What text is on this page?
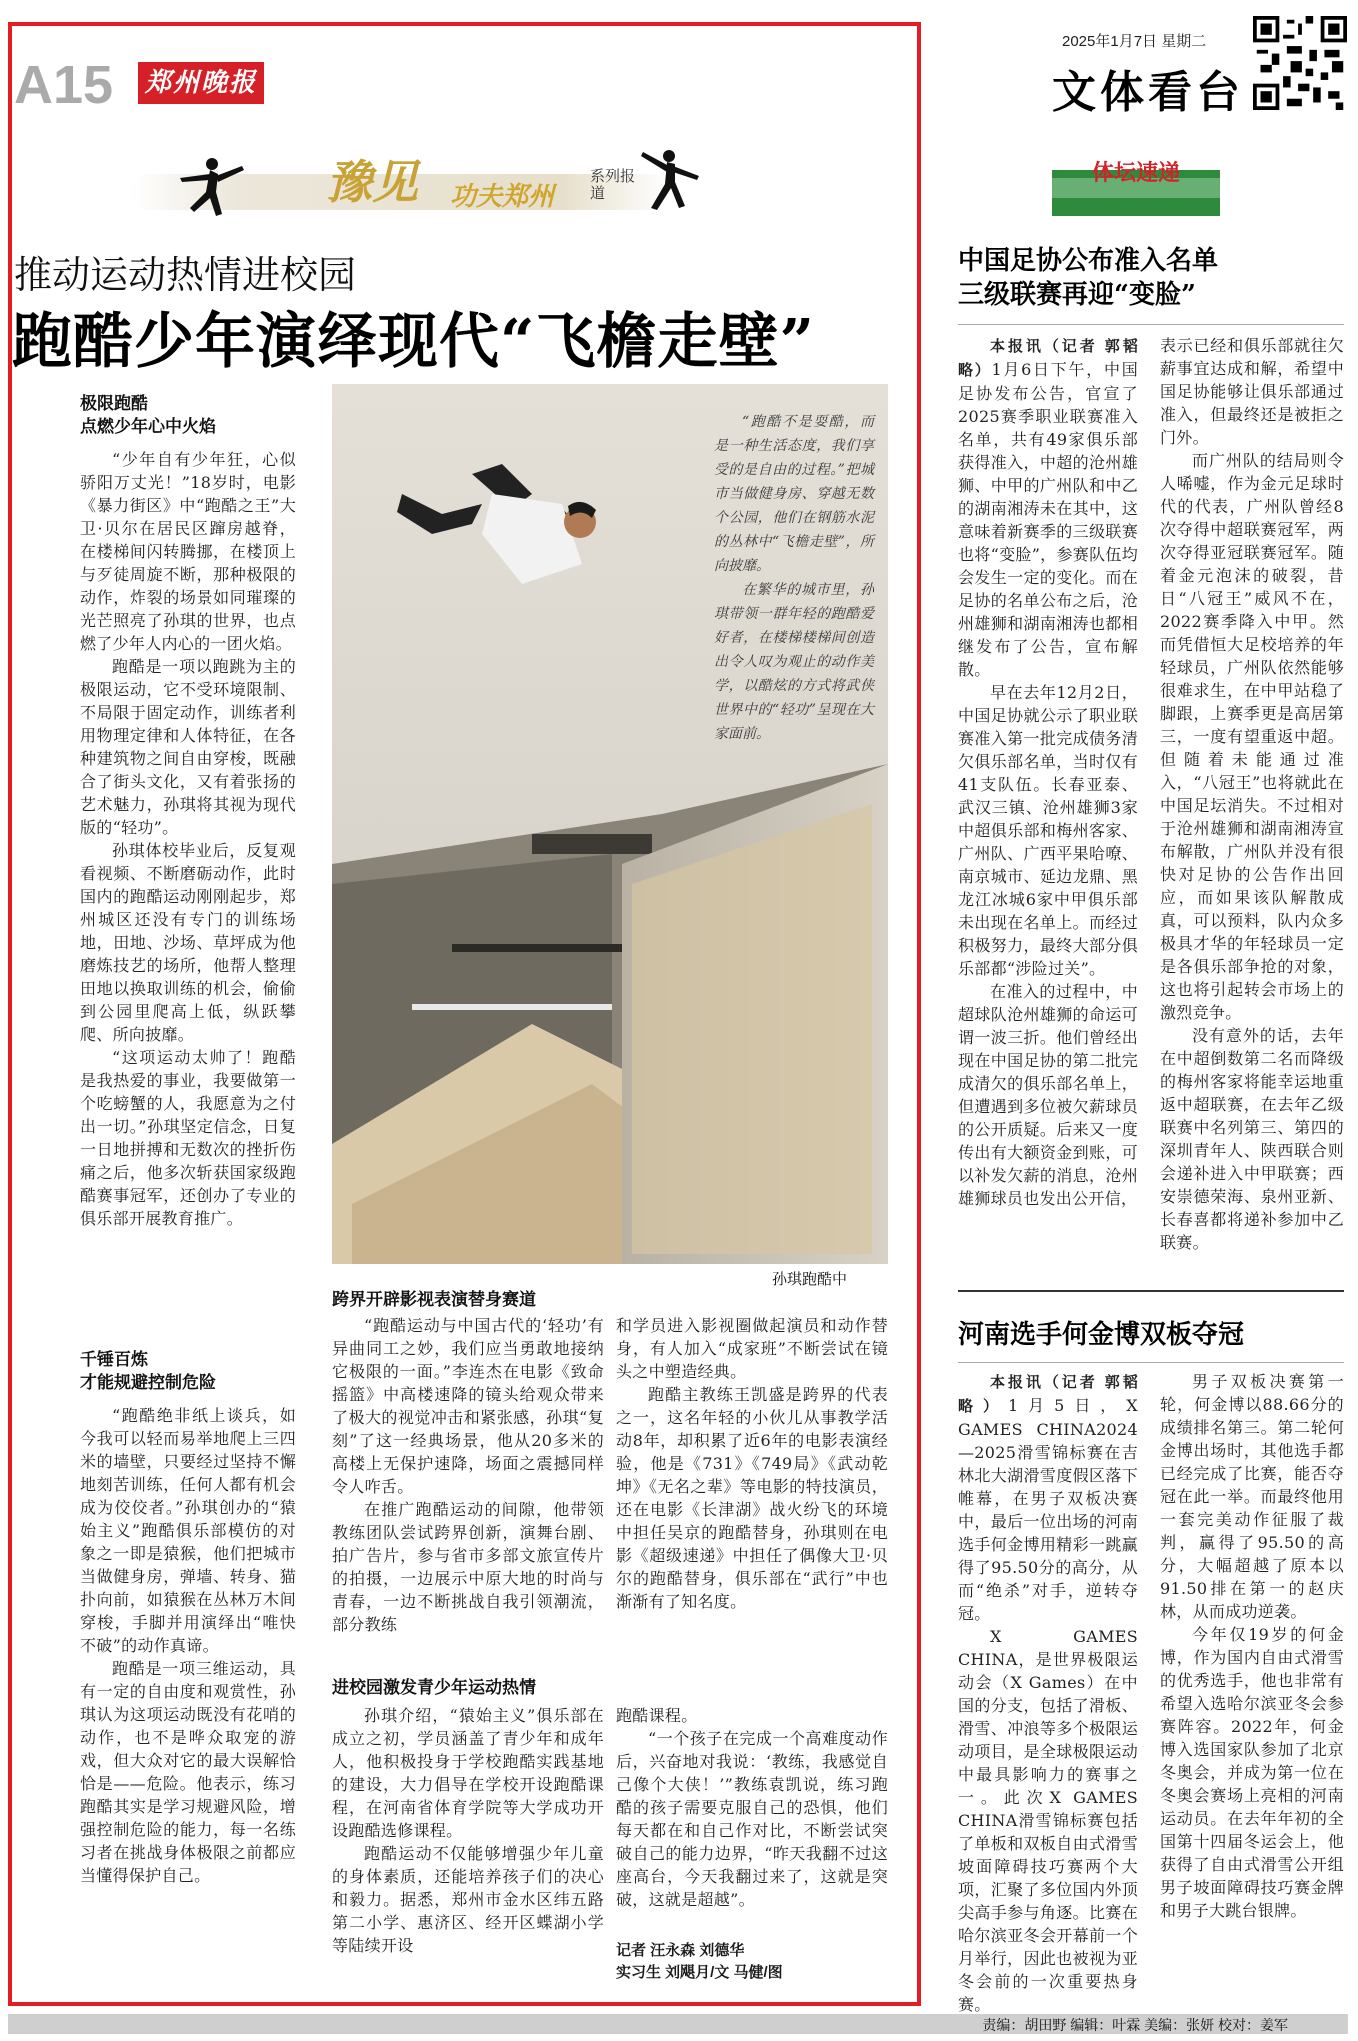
A15 郑州晚报
2025年1月7日 星期二
文体看台
豫见 功夫郑州
系列报道
推动运动热情进校园
跑酷少年演绎现代“飞檐走壁”
极限跑酷
点燃少年心中火焰

“少年自有少年狂，心似骄阳万丈光！”18岁时，电影《暴力街区》中“跑酷之王”大卫·贝尔在居民区蹿房越脊，在楼梯间闪转腾挪，在楼顶上与歹徒周旋不断，那种极限的动作，炸裂的场景如同璀璨的光芒照亮了孙琪的世界，也点燃了少年人内心的一团火焰。

跑酷是一项以跑跳为主的极限运动，它不受环境限制、不局限于固定动作，训练者利用物理定律和人体特征，在各种建筑物之间自由穿梭，既融合了街头文化，又有着张扬的艺术魅力，孙琪将其视为现代版的“轻功”。

孙琪体校毕业后，反复观看视频、不断磨砺动作，此时国内的跑酷运动刚刚起步，郑州城区还没有专门的训练场地，田地、沙场、草坪成为他磨炼技艺的场所，他帮人整理田地以换取训练的机会，偷偷到公园里爬高上低，纵跃攀爬、所向披靡。

“这项运动太帅了！跑酷是我热爱的事业，我要做第一个吃螃蟹的人，我愿意为之付出一切。”孙琪坚定信念，日复一日地拼搏和无数次的挫折伤痛之后，他多次斩获国家级跑酷赛事冠军，还创办了专业的俱乐部开展教育推广。

千锤百炼
才能规避控制危险

“跑酷绝非纸上谈兵，如今我可以轻而易举地爬上三四米的墙壁，只要经过坚持不懈地刻苦训练，任何人都有机会成为佼佼者。”孙琪创办的“猿始主义”跑酷俱乐部模仿的对象之一即是猿猴，他们把城市当做健身房，弹墙、转身、猫扑向前，如猿猴在丛林万木间穿梭，手脚并用演绎出“唯快不破”的动作真谛。

跑酷是一项三维运动，具有一定的自由度和观赏性，孙琪认为这项运动既没有花哨的动作，也不是哗众取宠的游戏，但大众对它的最大误解恰恰是——危险。他表示，练习跑酷其实是学习规避风险，增强控制危险的能力，每一名练习者在挑战身体极限之前都应当懂得保护自己。

“跑酷不是耍酷，而是一种生活态度，我们享受的是自由的过程。”把城市当做健身房、穿越无数个公园，他们在钢筋水泥的丛林中“飞檐走壁”，所向披靡。

在繁华的城市里，孙琪带领一群年轻的跑酷爱好者，在楼梯楼梯间创造出令人叹为观止的动作美学，以酷炫的方式将武侠世界中的“轻功”呈现在大家面前。

孙琪跑酷中
跨界开辟影视表演替身赛道

“跑酷运动与中国古代的‘轻功’有异曲同工之妙，我们应当勇敢地接纳它极限的一面。”李连杰在电影《致命摇篮》中高楼速降的镜头给观众带来了极大的视觉冲击和紧张感，孙琪“复刻”了这一经典场景，他从20多米的高楼上无保护速降，场面之震撼同样令人咋舌。

在推广跑酷运动的间隙，他带领教练团队尝试跨界创新，演舞台剧、拍广告片，参与省市多部文旅宣传片的拍摄，一边展示中原大地的时尚与青春，一边不断挑战自我引领潮流，部分教练

进校园激发青少年运动热情

孙琪介绍，“猿始主义”俱乐部在成立之初，学员涵盖了青少年和成年人，他积极投身于学校跑酷实践基地的建设，大力倡导在学校开设跑酷课程，在河南省体育学院等大学成功开设跑酷选修课程。

跑酷运动不仅能够增强少年儿童的身体素质，还能培养孩子们的决心和毅力。据悉，郑州市金水区纬五路第二小学、惠济区、经开区蝶湖小学等陆续开设

和学员进入影视圈做起演员和动作替身，有人加入“成家班”不断尝试在镜头之中塑造经典。

跑酷主教练王凯盛是跨界的代表之一，这名年轻的小伙儿从事教学活动8年，却积累了近6年的电影表演经验，他是《731》《749局》《武动乾坤》《无名之辈》等电影的特技演员，还在电影《长津湖》战火纷飞的环境中担任吴京的跑酷替身，孙琪则在电影《超级速递》中担任了偶像大卫·贝尔的跑酷替身，俱乐部在“武行”中也渐渐有了知名度。

跑酷课程。

“一个孩子在完成一个高难度动作后，兴奋地对我说：‘教练，我感觉自己像个大侠！’”教练袁凯说，练习跑酷的孩子需要克服自己的恐惧，他们每天都在和自己作对比，不断尝试突破自己的能力边界，“昨天我翻不过这座高台，今天我翻过来了，这就是突破，这就是超越”。

记者 汪永森 刘德华
实习生 刘飓月/文 马健/图
体坛速递
中国足协公布准入名单
三级联赛再迎“变脸”

本报讯（记者 郭韬略）1月6日下午，中国足协发布公告，官宣了2025赛季职业联赛准入名单，共有49家俱乐部获得准入，中超的沧州雄狮、中甲的广州队和中乙的湖南湘涛未在其中，这意味着新赛季的三级联赛也将“变脸”，参赛队伍均会发生一定的变化。而在足协的名单公布之后，沧州雄狮和湖南湘涛也都相继发布了公告，宣布解散。

早在去年12月2日，中国足协就公示了职业联赛准入第一批完成债务清欠俱乐部名单，当时仅有41支队伍。长春亚泰、武汉三镇、沧州雄狮3家中超俱乐部和梅州客家、广州队、广西平果哈嘹、南京城市、延边龙鼎、黑龙江冰城6家中甲俱乐部未出现在名单上。而经过积极努力，最终大部分俱乐部都“涉险过关”。

在准入的过程中，中超球队沧州雄狮的命运可谓一波三折。他们曾经出现在中国足协的第二批完成清欠的俱乐部名单上，但遭遇到多位被欠薪球员的公开质疑。后来又一度传出有大额资金到账，可以补发欠薪的消息，沧州雄狮球员也发出公开信，

表示已经和俱乐部就往欠薪事宜达成和解，希望中国足协能够让俱乐部通过准入，但最终还是被拒之门外。

而广州队的结局则令人唏嘘，作为金元足球时代的代表，广州队曾经8次夺得中超联赛冠军，两次夺得亚冠联赛冠军。随着金元泡沫的破裂，昔日“八冠王”威风不在，2022赛季降入中甲。然而凭借恒大足校培养的年轻球员，广州队依然能够很难求生，在中甲站稳了脚跟，上赛季更是高居第三，一度有望重返中超。但随着未能通过准入，“八冠王”也将就此在中国足坛消失。不过相对于沧州雄狮和湖南湘涛宣布解散，广州队并没有很快对足协的公告作出回应，而如果该队解散成真，可以预料，队内众多极具才华的年轻球员一定是各俱乐部争抢的对象，这也将引起转会市场上的激烈竞争。

没有意外的话，去年在中超倒数第二名而降级的梅州客家将能幸运地重返中超联赛，在去年乙级联赛中名列第三、第四的深圳青年人、陕西联合则会递补进入中甲联赛；西安崇德荣海、泉州亚新、长春喜都将递补参加中乙联赛。

河南选手何金博双板夺冠

本报讯（记者 郭韬略）1月5日，X GAMES CHINA2024—2025滑雪锦标赛在吉林北大湖滑雪度假区落下帷幕，在男子双板决赛中，最后一位出场的河南选手何金博用精彩一跳赢得了95.50分的高分，从而“绝杀”对手，逆转夺冠。

X GAMES CHINA，是世界极限运动会（X Games）在中国的分支，包括了滑板、滑雪、冲浪等多个极限运动项目，是全球极限运动中最具影响力的赛事之一。此次X GAMES CHINA滑雪锦标赛包括了单板和双板自由式滑雪坡面障碍技巧赛两个大项，汇聚了多位国内外顶尖高手参与角逐。比赛在哈尔滨亚冬会开幕前一个月举行，因此也被视为亚冬会前的一次重要热身赛。

男子双板决赛第一轮，何金博以88.66分的成绩排名第三。第二轮何金博出场时，其他选手都已经完成了比赛，能否夺冠在此一举。而最终他用一套完美动作征服了裁判，赢得了95.50的高分，大幅超越了原本以91.50排在第一的赵庆林，从而成功逆袭。

今年仅19岁的何金博，作为国内自由式滑雪的优秀选手，他也非常有希望入选哈尔滨亚冬会参赛阵容。2022年，何金博入选国家队参加了北京冬奥会，并成为第一位在冬奥会赛场上亮相的河南运动员。在去年年初的全国第十四届冬运会上，他获得了自由式滑雪公开组男子坡面障碍技巧赛金牌和男子大跳台银牌。

责编：胡田野 编辑：叶霖 美编：张妍 校对：姜军
